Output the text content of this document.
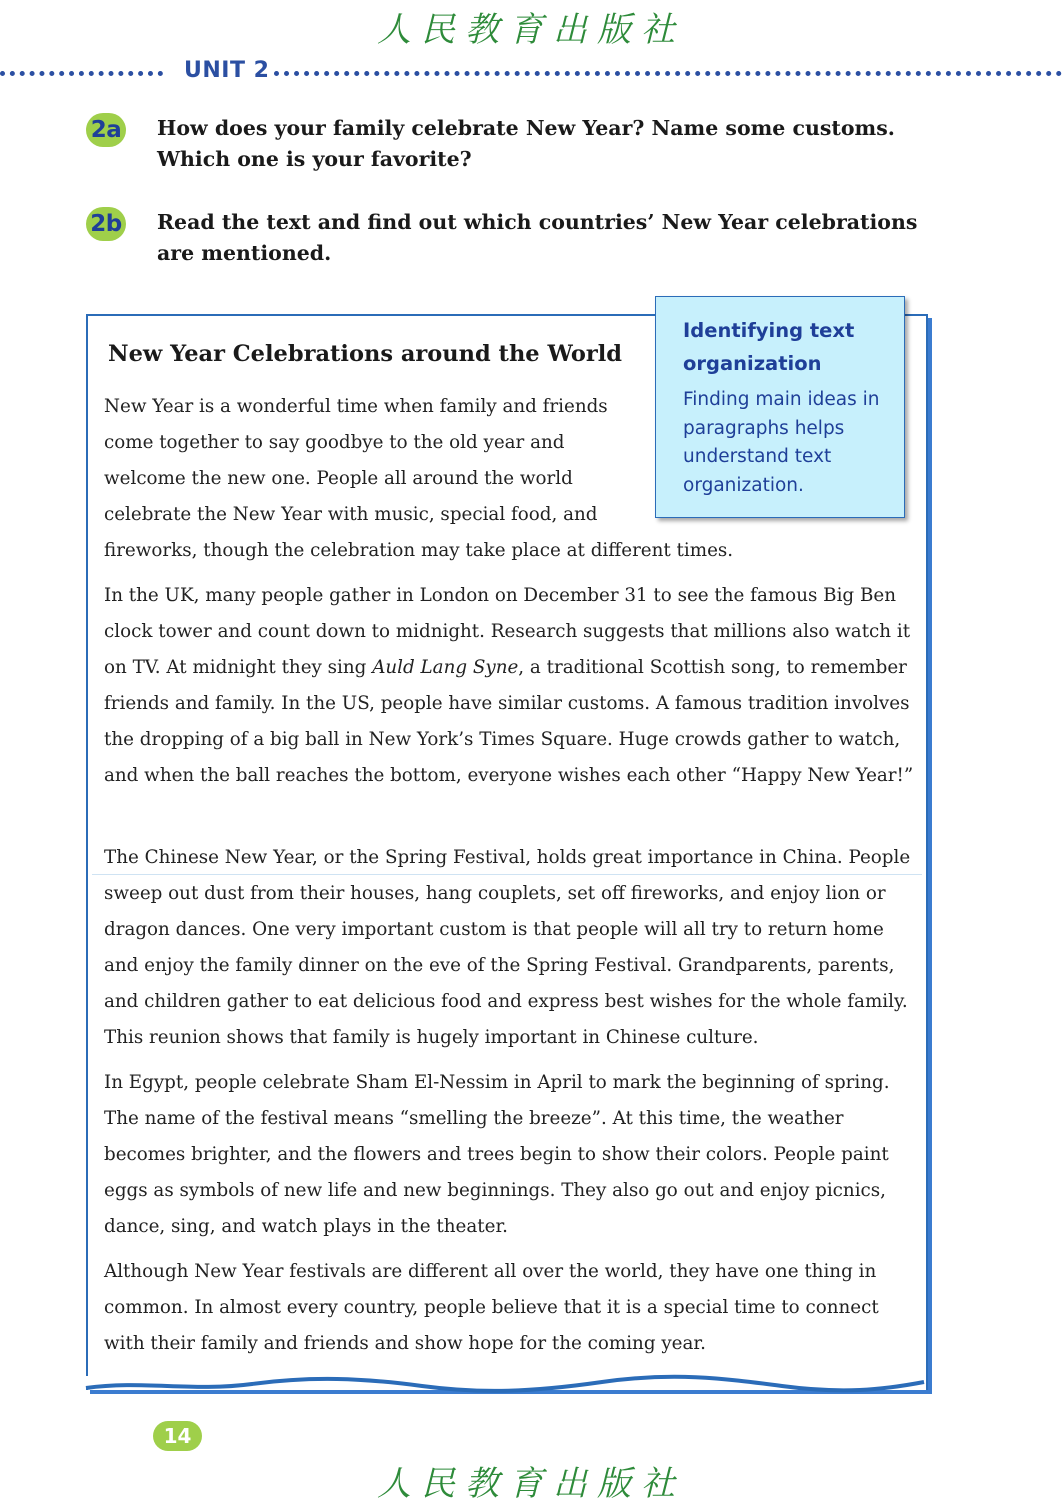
人民教育出版社
UNIT 2
2a How does your family celebrate New Year? Name some customs. Which one is your favorite?
2b Read the text and find out which countries’ New Year celebrations are mentioned.
Identifying text organization
Finding main ideas in paragraphs helps understand text organization.
New Year Celebrations around the World
New Year is a wonderful time when family and friends come together to say goodbye to the old year and welcome the new one. People all around the world celebrate the New Year with music, special food, and fireworks, though the celebration may take place at different times.
In the UK, many people gather in London on December 31 to see the famous Big Ben clock tower and count down to midnight. Research suggests that millions also watch it on TV. At midnight they sing Auld Lang Syne, a traditional Scottish song, to remember friends and family. In the US, people have similar customs. A famous tradition involves the dropping of a big ball in New York’s Times Square. Huge crowds gather to watch, and when the ball reaches the bottom, everyone wishes each other “Happy New Year!”
The Chinese New Year, or the Spring Festival, holds great importance in China. People sweep out dust from their houses, hang couplets, set off fireworks, and enjoy lion or dragon dances. One very important custom is that people will all try to return home and enjoy the family dinner on the eve of the Spring Festival. Grandparents, parents, and children gather to eat delicious food and express best wishes for the whole family. This reunion shows that family is hugely important in Chinese culture.
In Egypt, people celebrate Sham El-Nessim in April to mark the beginning of spring. The name of the festival means “smelling the breeze”. At this time, the weather becomes brighter, and the flowers and trees begin to show their colors. People paint eggs as symbols of new life and new beginnings. They also go out and enjoy picnics, dance, sing, and watch plays in the theater.
Although New Year festivals are different all over the world, they have one thing in common. In almost every country, people believe that it is a special time to connect with their family and friends and show hope for the coming year.
14
人民教育出版社
